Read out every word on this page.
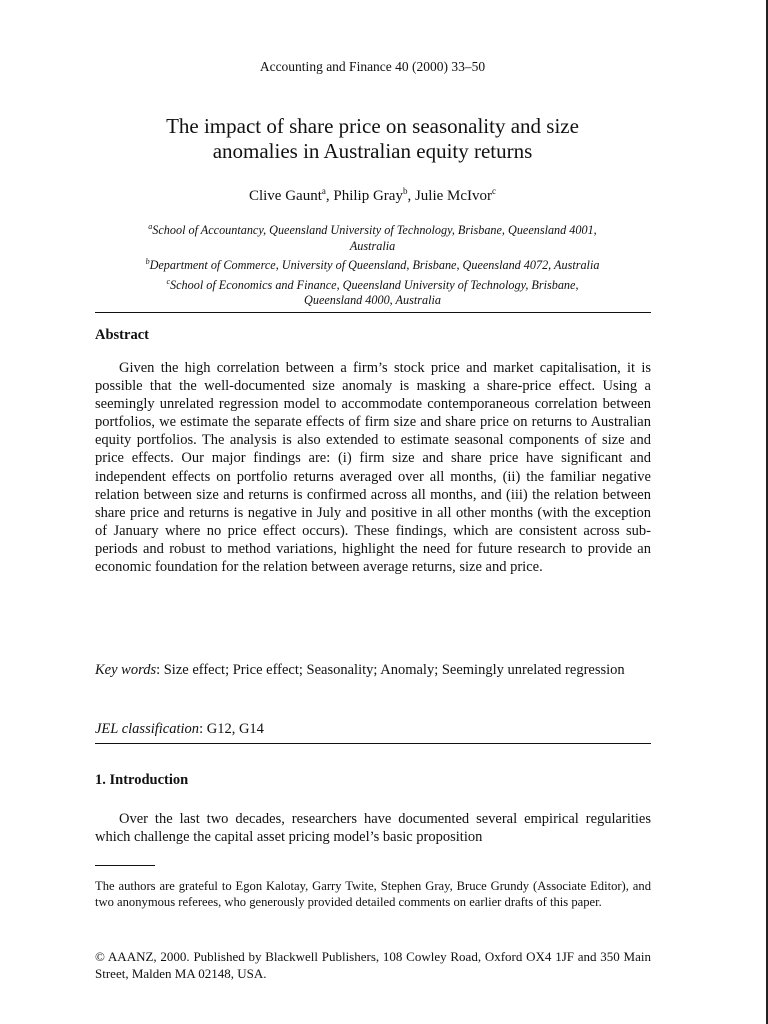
Accounting and Finance 40 (2000) 33–50
The impact of share price on seasonality and size
anomalies in Australian equity returns
Clive Gaunt$^a$, Philip Gray$^b$, Julie McIvor$^c$
$^a$School of Accountancy, Queensland University of Technology, Brisbane, Queensland 4001,
Australia
$^b$Department of Commerce, University of Queensland, Brisbane, Queensland 4072, Australia
$^c$School of Economics and Finance, Queensland University of Technology, Brisbane,
Queensland 4000, Australia
Abstract
Given the high correlation between a firm’s stock price and market capitalisation, it is possible that the well-documented size anomaly is masking a share-price effect. Using a seemingly unrelated regression model to accommodate contemporaneous correlation between portfolios, we estimate the separate effects of firm size and share price on returns to Australian equity portfolios. The analysis is also extended to estimate seasonal components of size and price effects. Our major findings are: (i) firm size and share price have significant and independent effects on portfolio returns averaged over all months, (ii) the familiar negative relation between size and returns is confirmed across all months, and (iii) the relation between share price and returns is negative in July and positive in all other months (with the exception of January where no price effect occurs). These findings, which are consistent across sub-periods and robust to method variations, highlight the need for future research to provide an economic foundation for the relation between average returns, size and price.
Key words: Size effect; Price effect; Seasonality; Anomaly; Seemingly unrelated regression
JEL classification: G12, G14
1. Introduction
Over the last two decades, researchers have documented several empirical regularities which challenge the capital asset pricing model’s basic proposition
The authors are grateful to Egon Kalotay, Garry Twite, Stephen Gray, Bruce Grundy (Associate Editor), and two anonymous referees, who generously provided detailed comments on earlier drafts of this paper.
© AAANZ, 2000. Published by Blackwell Publishers, 108 Cowley Road, Oxford OX4 1JF and 350 Main Street, Malden MA 02148, USA.
